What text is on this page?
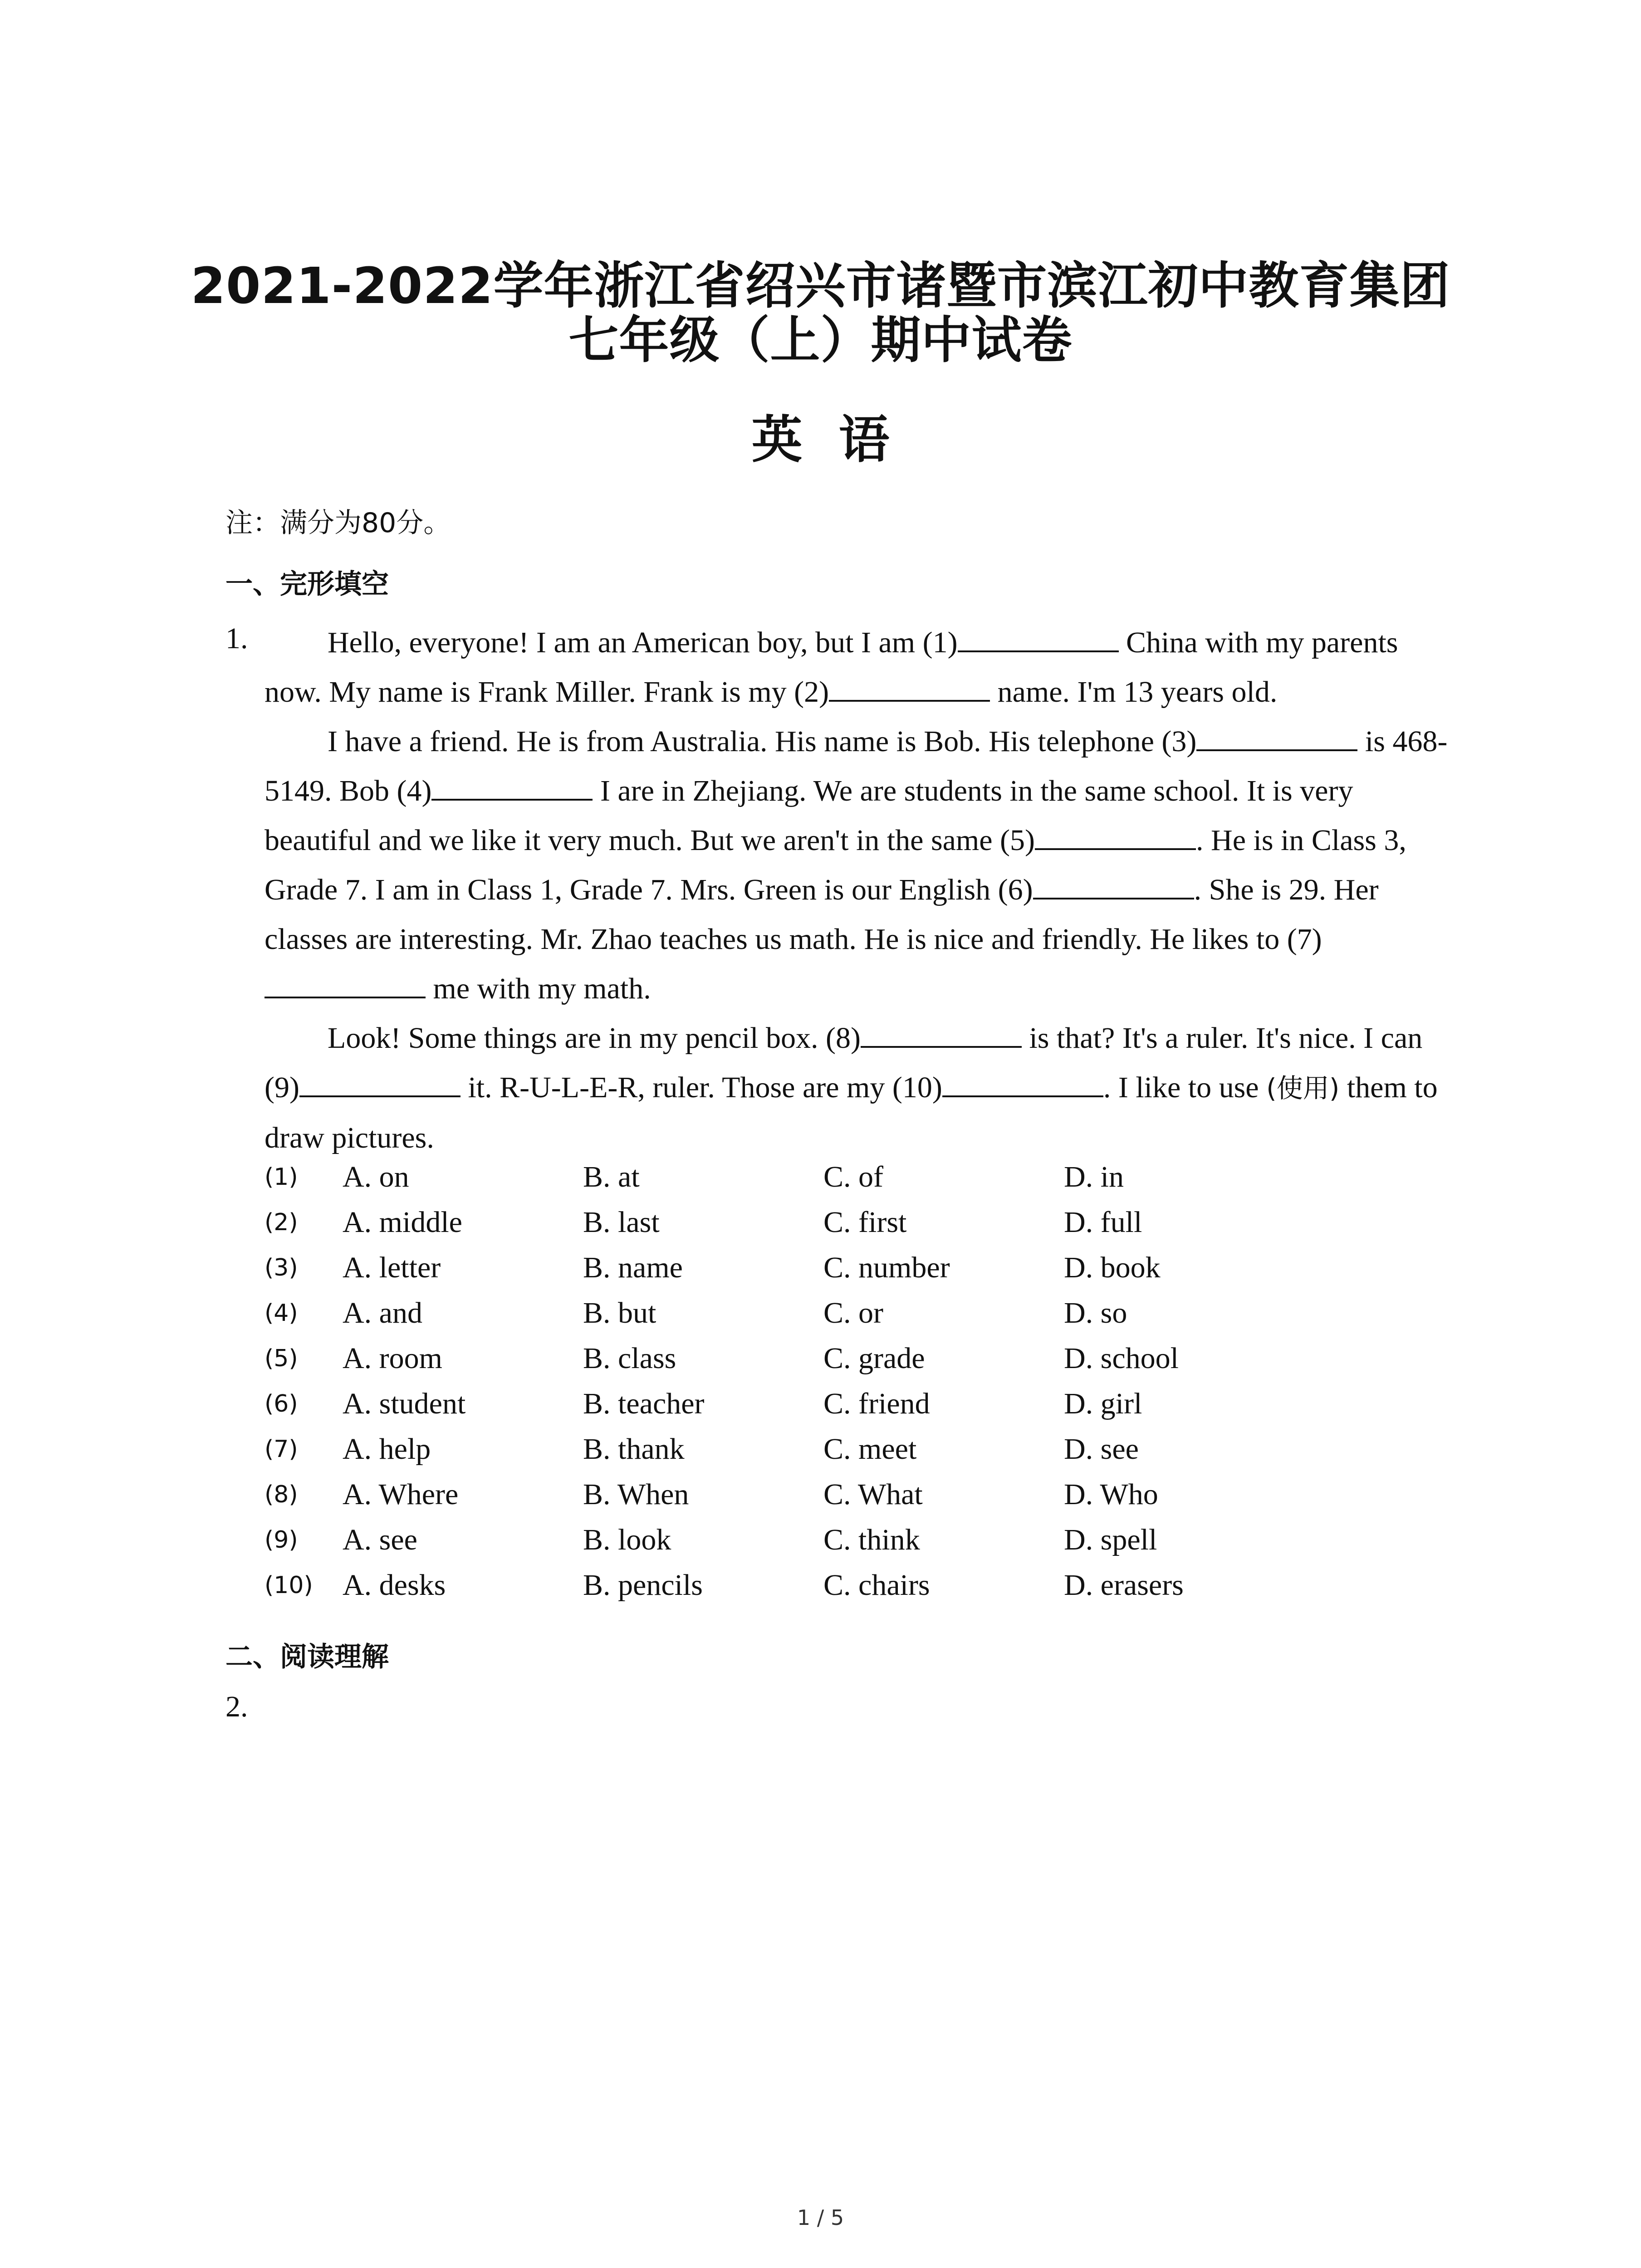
2021-2022学年浙江省绍兴市诸暨市滨江初中教育集团
七年级（上）期中试卷
英语
注：满分为80分。
一、完形填空
1.	Hello, everyone! I am an American boy, but I am (1)	China with my parents now. My name is Frank Miller. Frank is my (2)	name. I'm 13 years old.

I have a friend. He is from Australia. His name is Bob. His telephone (3)	is 468-5149. Bob (4)	I are in Zhejiang. We are students in the same school. It is very beautiful and we like it very much. But we aren't in the same (5)	. He is in Class 3, Grade 7. I am in Class 1, Grade 7. Mrs. Green is our English (6)	. She is 29. Her classes are interesting. Mr. Zhao teaches us math. He is nice and friendly. He likes to (7) me with my math.

Look! Some things are in my pencil box. (8)	is that? It's a ruler. It's nice. I can (9)	it. R-U-L-E-R, ruler. Those are my (10)	. I like to use (使用) them to draw pictures.

(1) A. on	B. at	C. of	D. in
(2) A. middle	B. last	C. first	D. full
(3) A. letter	B. name	C. number	D. book
(4) A. and	B. but	C. or	D. so
(5) A. room	B. class	C. grade	D. school
(6) A. student	B. teacher	C. friend	D. girl
(7) A. help	B. thank	C. meet	D. see
(8) A. Where	B. When	C. What	D. Who
(9) A. see	B. look	C. think	D. spell
(10) A. desks	B. pencils	C. chairs	D. erasers
二、阅读理解
2.
1 / 5
